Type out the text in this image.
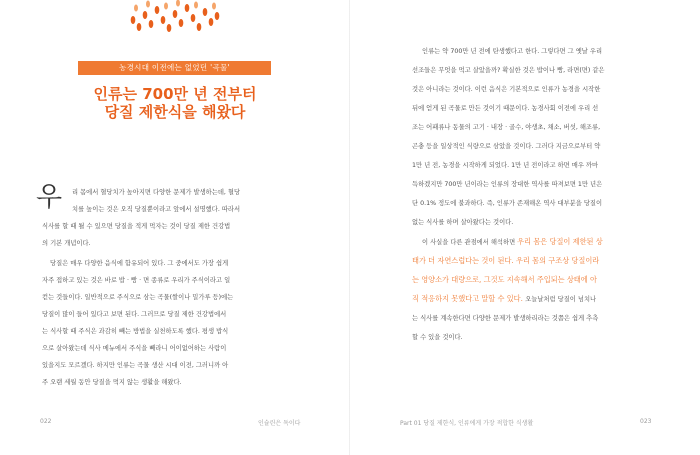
농경시대 이전에는 없었던 '곡물'
인류는 700만 년 전부터
당질 제한식을 해왔다
우 리 몸에서 혈당치가 높아지면 다양한 문제가 발생하는데, 혈당
치를 높이는 것은 오직 당질뿐이라고 앞에서 설명했다. 따라서
식사를 할 때 될 수 있으면 당질을 적게 먹자는 것이 당질 제한 건강법
의 기본 개념이다.
당질은 매우 다양한 음식에 함유되어 있다. 그 중에서도 가장 쉽게
자주 접하고 있는 것은 바로 밥 · 빵 · 면 종류로 우리가 주식이라고 일
컫는 것들이다. 일반적으로 주식으로 삼는 곡물(쌀이나 밀가루 등)에는
당질이 많이 들어 있다고 보면 된다. 그러므로 당질 제한 건강법에서
는 식사할 때 주식은 과감히 빼는 방법을 실천하도록 했다. 평생 밥식
으로 살아왔는데 식사 메뉴에서 주식을 빼라니 어이없어하는 사람이
있을지도 모르겠다. 하지만 인류는 곡물 생산 시대 이전, 그러니까 아
주 오랜 세월 동안 당질을 먹지 않는 생활을 해왔다.
022	인슐린은 독이다
인류는 약 700만 년 전에 탄생했다고 한다. 그렇다면 그 옛날 우리
선조들은 무엇을 먹고 살았을까? 확실한 것은 밥이나 빵, 라면(면) 같은
것은 아니라는 것이다. 이런 음식은 기본적으로 인류가 농경을 시작한
뒤에 얻게 된 곡물로 만든 것이기 때문이다. 농경사회 이전에 우리 선
조는 어패류나 동물의 고기 · 내장 · 골수, 야생초, 채소, 버섯, 해조류,
곤충 등을 일상적인 식량으로 삼았을 것이다. 그러다 지금으로부터 약
1만 년 전, 농경을 시작하게 되었다. 1만 년 전이라고 하면 매우 까마
득하겠지만 700만 년이라는 인류의 장대한 역사를 따져보면 1만 년은
단 0.1% 정도에 불과하다. 즉, 인류가 존재해온 역사 대부분을 당질이
없는 식사를 하며 살아왔다는 것이다.
이 사실을 다른 관점에서 해석하면 우리 몸은 당질이 제한된 상
태가 더 자연스럽다는 것이 된다. 우리 몸의 구조상 당질이라
는 영양소가 대량으로, 그것도 지속해서 주입되는 상태에 아
직 적응하지 못했다고 말할 수 있다. 오늘날처럼 당질이 넘치나
는 식사를 계속한다면 다양한 문제가 발생하리라는 것쯤은 쉽게 추측
할 수 있을 것이다.
Part 01 당질 제한식, 인류에게 가장 적합한 식생활	023
